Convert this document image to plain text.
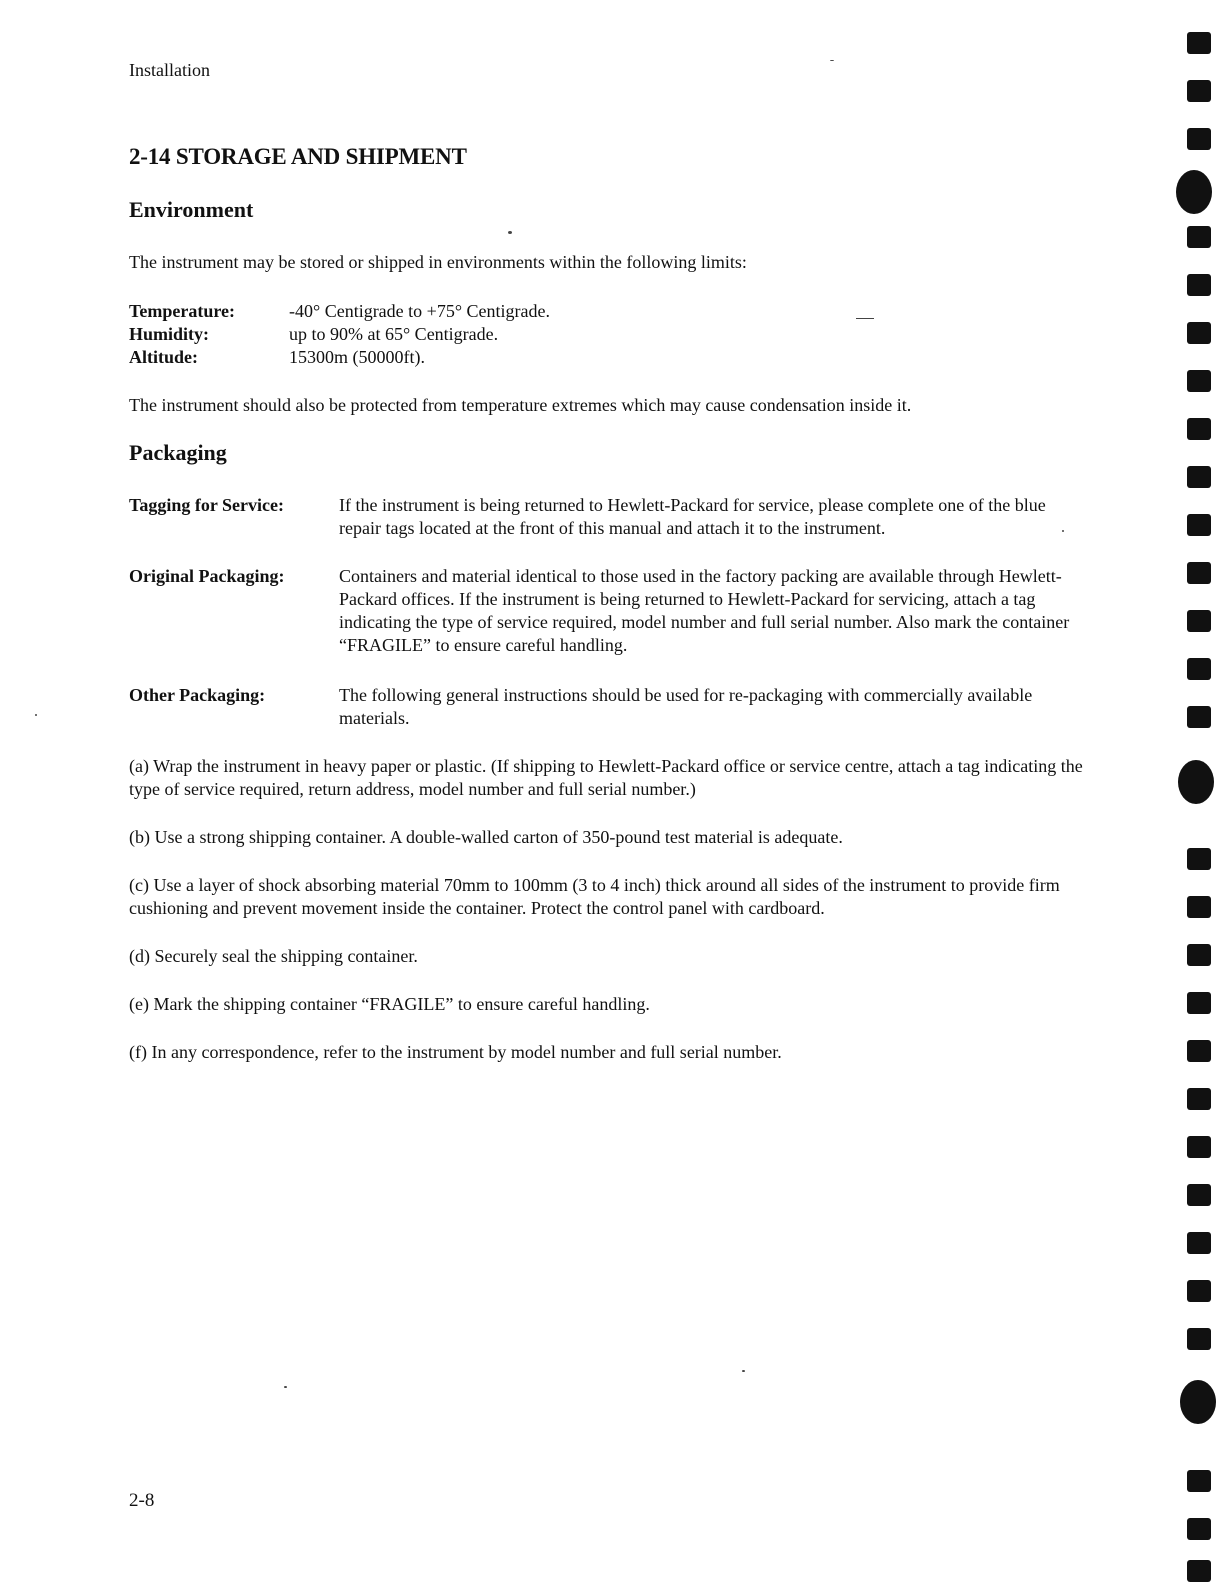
Installation
2-14 STORAGE AND SHIPMENT
Environment
The instrument may be stored or shipped in environments within the following limits:
Temperature:	-40° Centigrade to +75° Centigrade.
Humidity:	up to 90% at 65° Centigrade.
Altitude:	15300m (50000ft).
The instrument should also be protected from temperature extremes which may cause condensation inside it.
Packaging
Tagging for Service:	If the instrument is being returned to Hewlett-Packard for service, please complete one of the blue repair tags located at the front of this manual and attach it to the instrument.
Original Packaging:	Containers and material identical to those used in the factory packing are available through Hewlett-Packard offices. If the instrument is being returned to Hewlett-Packard for servicing, attach a tag indicating the type of service required, model number and full serial number. Also mark the container “FRAGILE” to ensure careful handling.
Other Packaging:	The following general instructions should be used for re-packaging with commercially available materials.
(a) Wrap the instrument in heavy paper or plastic. (If shipping to Hewlett-Packard office or service centre, attach a tag indicating the type of service required, return address, model number and full serial number.)
(b) Use a strong shipping container. A double-walled carton of 350-pound test material is adequate.
(c) Use a layer of shock absorbing material 70mm to 100mm (3 to 4 inch) thick around all sides of the instrument to provide firm cushioning and prevent movement inside the container. Protect the control panel with cardboard.
(d) Securely seal the shipping container.
(e) Mark the shipping container “FRAGILE” to ensure careful handling.
(f) In any correspondence, refer to the instrument by model number and full serial number.
2-8
